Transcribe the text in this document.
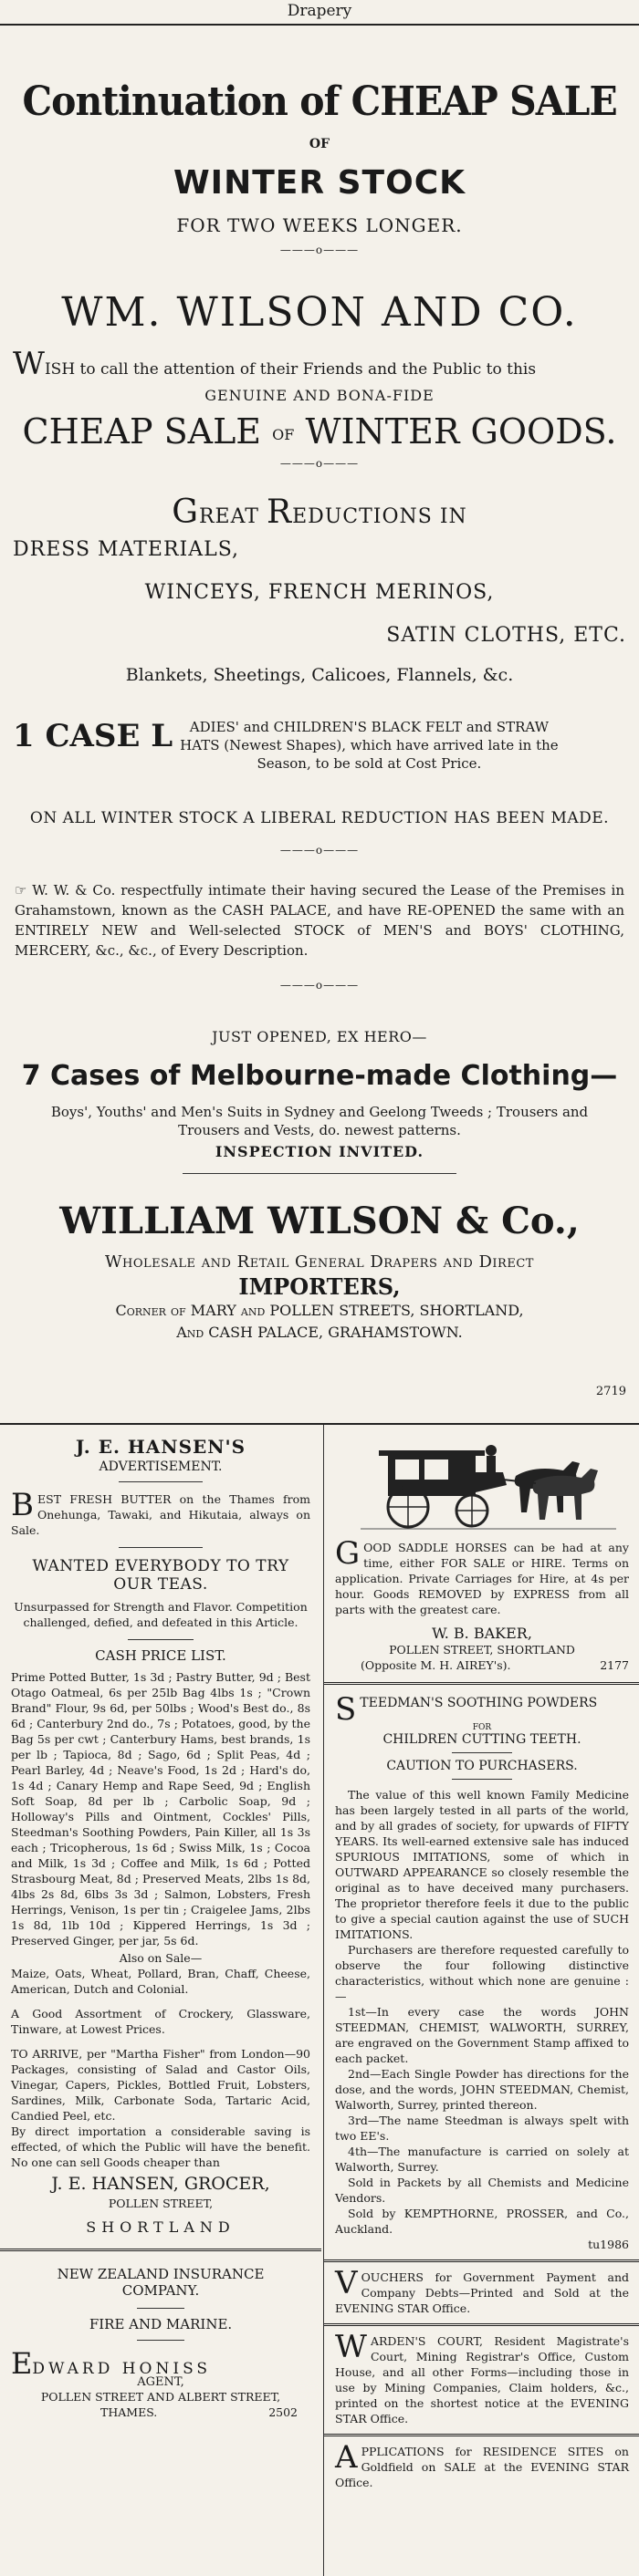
Drapery
Continuation of CHEAP SALE
OF
WINTER STOCK
FOR TWO WEEKS LONGER.
———o———
WM. WILSON AND CO.
WISH to call the attention of their Friends and the Public to this
GENUINE AND BONA-FIDE
CHEAP SALE OF WINTER GOODS.
———o———
GREAT REDUCTIONS IN
DRESS MATERIALS,
WINCEYS, FRENCH MERINOS,
SATIN CLOTHS, ETC.
Blankets, Sheetings, Calicoes, Flannels, &c.
1 CASE L	ADIES' and CHILDREN'S BLACK FELT and STRAW
HATS (Newest Shapes), which have arrived late in the
Season, to be sold at Cost Price.
ON ALL WINTER STOCK A LIBERAL REDUCTION HAS BEEN MADE.
———o———
☞ W. W. & Co. respectfully intimate their having secured the Lease of the Premises in Grahamstown, known as the CASH PALACE, and have RE-OPENED the same with an ENTIRELY NEW and Well-selected STOCK of MEN'S and BOYS' CLOTHING, MERCERY, &c., &c., of Every Description.
———o———
JUST OPENED, EX HERO—
7 Cases of Melbourne-made Clothing—
Boys', Youths' and Men's Suits in Sydney and Geelong Tweeds ; Trousers and Trousers and Vests, do. newest patterns.
INSPECTION INVITED.
WILLIAM WILSON & Co.,
Wholesale and Retail General Drapers and Direct
IMPORTERS,
Corner of MARY and POLLEN STREETS, SHORTLAND,
And CASH PALACE, GRAHAMSTOWN.
2719
J. E. HANSEN'S
ADVERTISEMENT.
BEST FRESH BUTTER on the Thames from Onehunga, Tawaki, and Hikutaia, always on Sale.
WANTED EVERYBODY TO TRY
OUR TEAS.
Unsurpassed for Strength and Flavor. Competition challenged, defied, and defeated in this Article.
CASH PRICE LIST.
Prime Potted Butter, 1s 3d ; Pastry Butter, 9d ; Best Otago Oatmeal, 6s per 25lb Bag 4lbs 1s ; "Crown Brand" Flour, 9s 6d, per 50lbs ; Wood's Best do., 8s 6d ; Canterbury 2nd do., 7s ; Potatoes, good, by the Bag 5s per cwt ; Canterbury Hams, best brands, 1s per lb ; Tapioca, 8d ; Sago, 6d ; Split Peas, 4d ; Pearl Barley, 4d ; Neave's Food, 1s 2d ; Hard's do, 1s 4d ; Canary Hemp and Rape Seed, 9d ; English Soft Soap, 8d per lb ; Carbolic Soap, 9d ; Holloway's Pills and Ointment, Cockles' Pills, Steedman's Soothing Powders, Pain Killer, all 1s 3s each ; Tricopherous, 1s 6d ; Swiss Milk, 1s ; Cocoa and Milk, 1s 3d ; Coffee and Milk, 1s 6d ; Potted Strasbourg Meat, 8d ; Preserved Meats, 2lbs 1s 8d, 4lbs 2s 8d, 6lbs 3s 3d ; Salmon, Lobsters, Fresh Herrings, Venison, 1s per tin ; Craigelee Jams, 2lbs 1s 8d, 1lb 10d ; Kippered Herrings, 1s 3d ; Preserved Ginger, per jar, 5s 6d.
Also on Sale—
Maize, Oats, Wheat, Pollard, Bran, Chaff, Cheese, American, Dutch and Colonial.
A Good Assortment of Crockery, Glassware, Tinware, at Lowest Prices.
TO ARRIVE, per "Martha Fisher" from London—90 Packages, consisting of Salad and Castor Oils, Vinegar, Capers, Pickles, Bottled Fruit, Lobsters, Sardines, Milk, Carbonate Soda, Tartaric Acid, Candied Peel, etc.
By direct importation a considerable saving is effected, of which the Public will have the benefit. No one can sell Goods cheaper than
J. E. HANSEN, GROCER,
POLLEN STREET,
SHORTLAND
NEW ZEALAND INSURANCE
COMPANY.
FIRE AND MARINE.
EDWARD HONISS
AGENT,
POLLEN STREET AND ALBERT STREET,
THAMES.	2502
GOOD SADDLE HORSES can be had at any time, either FOR SALE or HIRE. Terms on application. Private Carriages for Hire, at 4s per hour. Goods REMOVED by EXPRESS from all parts with the greatest care.
W. B. BAKER,
POLLEN STREET, SHORTLAND
(Opposite M. H. AIREY's).	2177
STEEDMAN'S SOOTHING POWDERS
FOR
CHILDREN CUTTING TEETH.
CAUTION TO PURCHASERS.
The value of this well known Family Medicine has been largely tested in all parts of the world, and by all grades of society, for upwards of FIFTY YEARS. Its well-earned extensive sale has induced SPURIOUS IMITATIONS, some of which in OUTWARD APPEARANCE so closely resemble the original as to have deceived many purchasers. The proprietor therefore feels it due to the public to give a special caution against the use of SUCH IMITATIONS.
Purchasers are therefore requested carefully to observe the four following distinctive characteristics, without which none are genuine :—
1st—In every case the words JOHN STEEDMAN, CHEMIST, WALWORTH, SURREY, are engraved on the Government Stamp affixed to each packet.
2nd—Each Single Powder has directions for the dose, and the words, JOHN STEEDMAN, Chemist, Walworth, Surrey, printed thereon.
3rd—The name Steedman is always spelt with two EE's.
4th—The manufacture is carried on solely at Walworth, Surrey.
Sold in Packets by all Chemists and Medicine Vendors.
Sold by KEMPTHORNE, PROSSER, and Co., Auckland.
tu1986
VOUCHERS for Government Payment and Company Debts—Printed and Sold at the EVENING STAR Office.
WARDEN'S COURT, Resident Magistrate's Court, Mining Registrar's Office, Custom House, and all other Forms—including those in use by Mining Companies, Claim holders, &c., printed on the shortest notice at the EVENING STAR Office.
APPLICATIONS for RESIDENCE SITES on Goldfield on SALE at the EVENING STAR Office.
